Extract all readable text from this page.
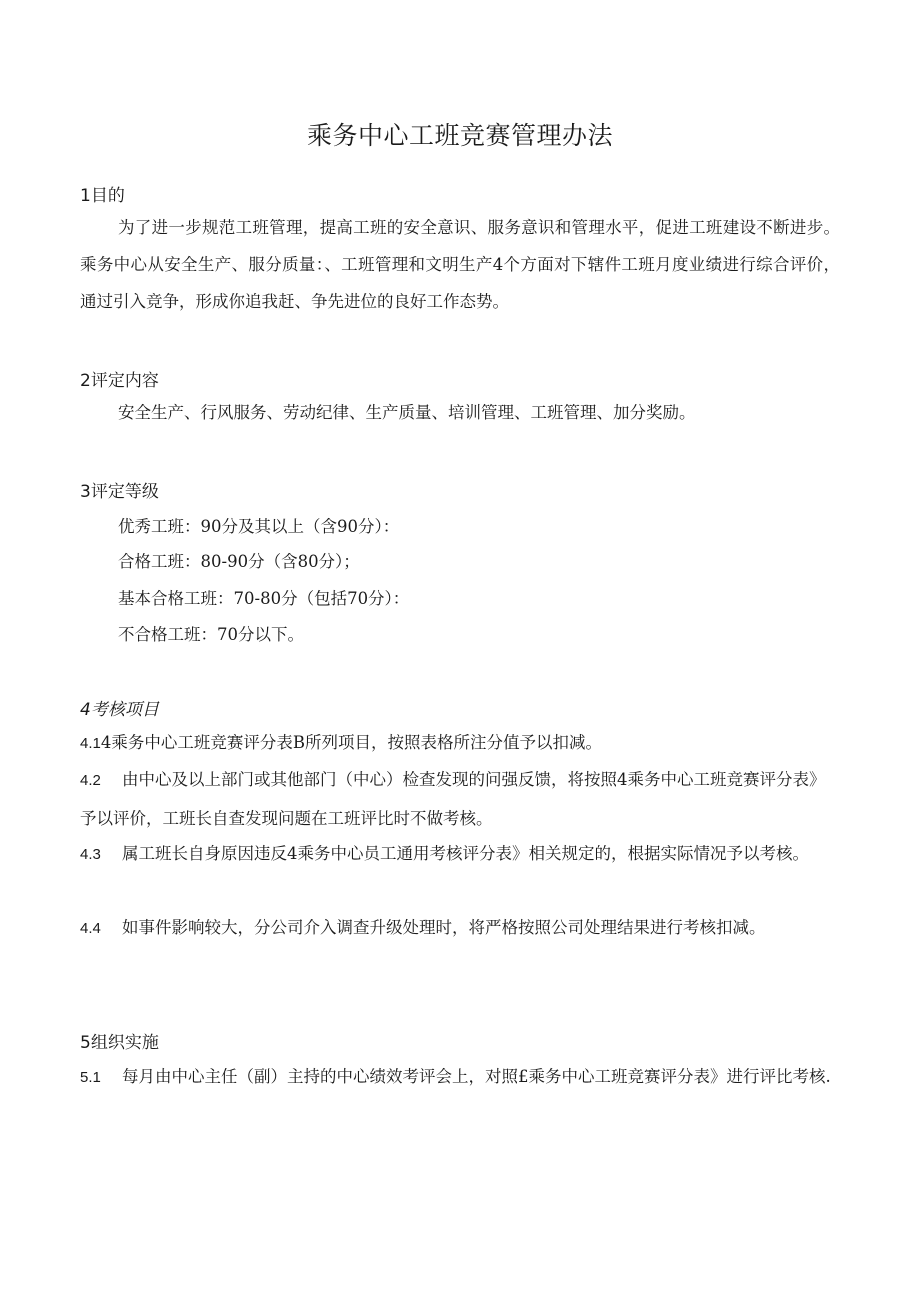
乘务中心工班竞赛管理办法
1目的

为了进一步规范工班管理，提高工班的安全意识、服务意识和管理水平，促进工班建设不断进步。乘务中心从安全生产、服分质量：、工班管理和文明生产4个方面对下辖件工班月度业绩进行综合评价，通过引入竞争，形成你追我赶、争先进位的良好工作态势。

2评定内容

安全生产、行风服务、劳动纪律、生产质量、培训管理、工班管理、加分奖励。

3评定等级

优秀工班：90分及其以上（含90分）：

合格工班：80-90分（含80分）；

基本合格工班：70-80分（包括70分）：

不合格工班：70分以下。

4考核项目

4.14乘务中心工班竞赛评分表B所列项目，按照表格所注分值予以扣减。

4.2 由中心及以上部门或其他部门（中心）检查发现的问强反馈，将按照4乘务中心工班竞赛评分表》予以评价，工班长自查发现问题在工班评比时不做考核。

4.3 属工班长自身原因违反4乘务中心员工通用考核评分表》相关规定的，根据实际情况予以考核。

4.4 如事件影响较大，分公司介入调查升级处理时，将严格按照公司处理结果进行考核扣减。

5组织实施

5.1 每月由中心主任（副）主持的中心绩效考评会上，对照£乘务中心工班竞赛评分表》进行评比考核.
